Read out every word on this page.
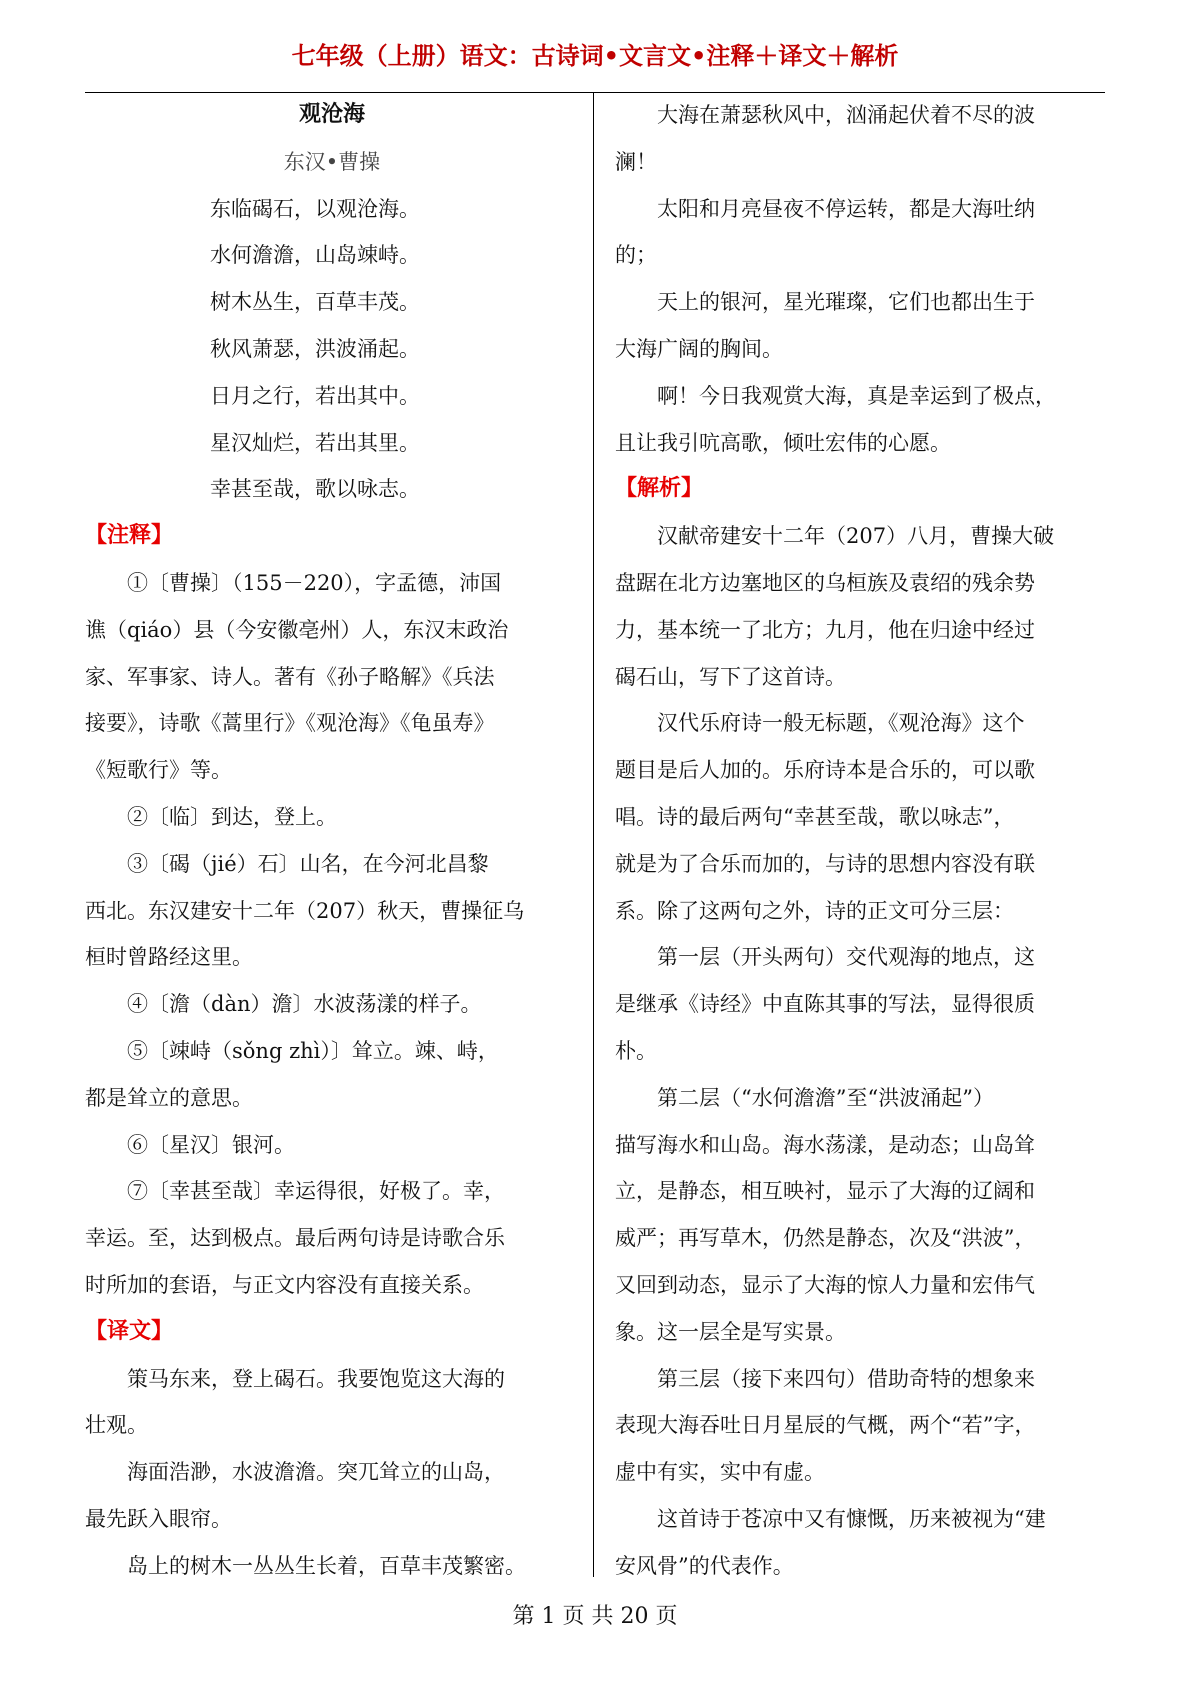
七年级（上册）语文：古诗词•文言文•注释＋译文＋解析
观沧海
东汉•曹操
东临碣石，以观沧海。
水何澹澹，山岛竦峙。
树木丛生，百草丰茂。
秋风萧瑟，洪波涌起。
日月之行，若出其中。
星汉灿烂，若出其里。
幸甚至哉，歌以咏志。
【注释】
①〔曹操〕（155－220），字孟德，沛国
谯（qiáo）县（今安徽亳州）人，东汉末政治
家、军事家、诗人。著有《孙子略解》《兵法
接要》，诗歌《蒿里行》《观沧海》《龟虽寿》
《短歌行》等。
②〔临〕到达，登上。
③〔碣（jié）石〕山名，在今河北昌黎
西北。东汉建安十二年（207）秋天，曹操征乌
桓时曾路经这里。
④〔澹（dàn）澹〕水波荡漾的样子。
⑤〔竦峙（sǒng zhì）〕耸立。竦、峙，
都是耸立的意思。
⑥〔星汉〕银河。
⑦〔幸甚至哉〕幸运得很，好极了。幸，
幸运。至，达到极点。最后两句诗是诗歌合乐
时所加的套语，与正文内容没有直接关系。
【译文】
策马东来，登上碣石。我要饱览这大海的
壮观。
海面浩渺，水波澹澹。突兀耸立的山岛，
最先跃入眼帘。
岛上的树木一丛丛生长着，百草丰茂繁密。
大海在萧瑟秋风中，汹涌起伏着不尽的波
澜！
太阳和月亮昼夜不停运转，都是大海吐纳
的；
天上的银河，星光璀璨，它们也都出生于
大海广阔的胸间。
啊！今日我观赏大海，真是幸运到了极点，
且让我引吭高歌，倾吐宏伟的心愿。
【解析】
汉献帝建安十二年（207）八月，曹操大破
盘踞在北方边塞地区的乌桓族及袁绍的残余势
力，基本统一了北方；九月，他在归途中经过
碣石山，写下了这首诗。
汉代乐府诗一般无标题，《观沧海》这个
题目是后人加的。乐府诗本是合乐的，可以歌
唱。诗的最后两句“幸甚至哉，歌以咏志”，
就是为了合乐而加的，与诗的思想内容没有联
系。除了这两句之外，诗的正文可分三层：
第一层（开头两句）交代观海的地点，这
是继承《诗经》中直陈其事的写法，显得很质
朴。
第二层（“水何澹澹”至“洪波涌起”）
描写海水和山岛。海水荡漾，是动态；山岛耸
立，是静态，相互映衬，显示了大海的辽阔和
威严；再写草木，仍然是静态，次及“洪波”，
又回到动态，显示了大海的惊人力量和宏伟气
象。这一层全是写实景。
第三层（接下来四句）借助奇特的想象来
表现大海吞吐日月星辰的气概，两个“若”字，
虚中有实，实中有虚。
这首诗于苍凉中又有慷慨，历来被视为“建
安风骨”的代表作。
第 1 页 共 20 页
